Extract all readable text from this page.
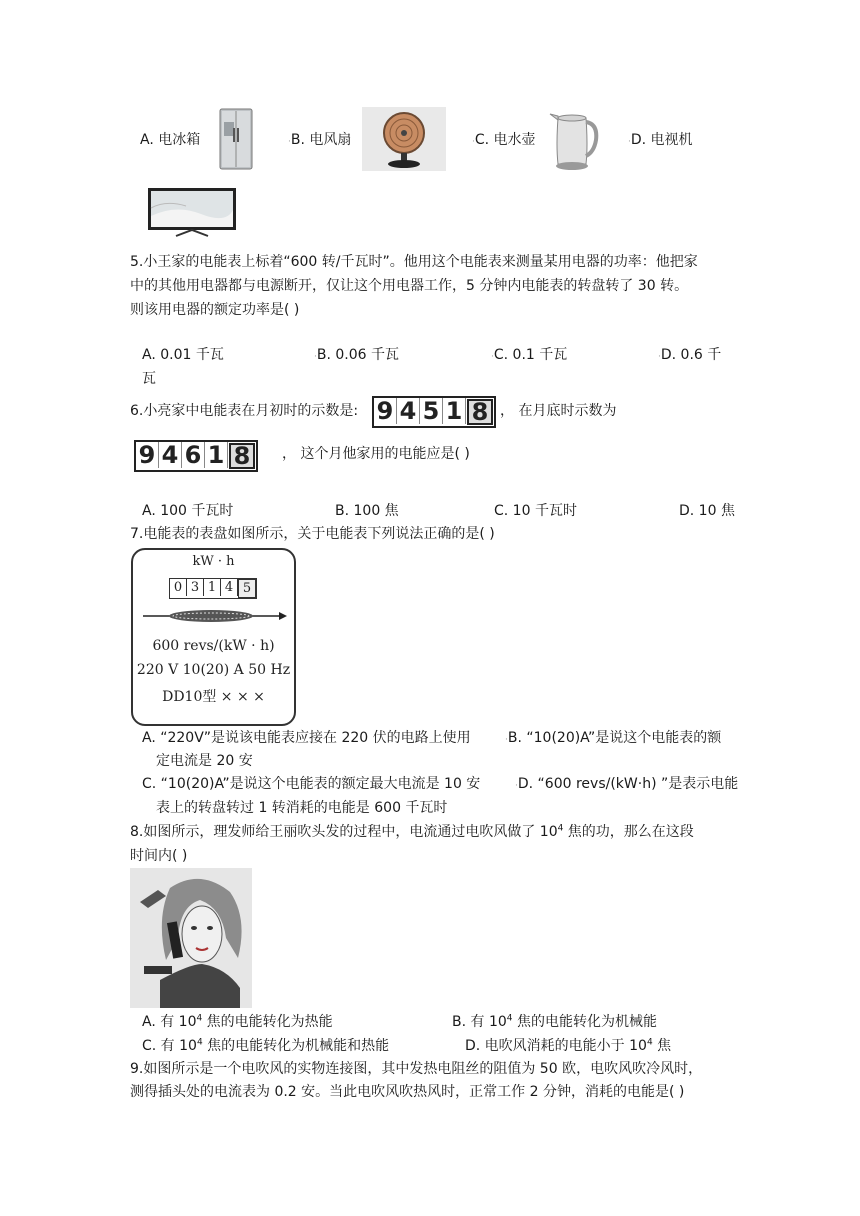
A. 电冰箱	·B. 电风扇	·C. 电水壶	·D. 电视机
5.小王家的电能表上标着“600 转/千瓦时”。他用这个电能表来测量某用电器的功率：他把家
中的其他用电器都与电源断开，仅让这个用电器工作，5 分钟内电能表的转盘转了 30 转。
则该用电器的额定功率是( )
A. 0.01 千瓦	·B. 0.06 千瓦	·C. 0.1 千瓦	·D. 0.6 千
瓦
6.小亮家中电能表在月初时的示数是: 9 4 5 1 8 ， 在月底时示数为
9 4 6 1 8	， 这个月他家用的电能应是( )
A. 100 千瓦时	B. 100 焦	C. 10 千瓦时	D. 10 焦
7.电能表的表盘如图所示，关于电能表下列说法正确的是( )
kW · h
0 3 1 4 5
600 revs/(kW · h)
220 V 10(20) A 50 Hz
DD10型 × × ×
A. “220V”是说该电能表应接在 220 伏的电路上使用	·B. “10(20)A”是说这个电能表的额
定电流是 20 安
C. “10(20)A”是说这个电能表的额定最大电流是 10 安	·D. “600 revs/(kW·h) ”是表示电能
表上的转盘转过 1 转消耗的电能是 600 千瓦时
8.如图所示，理发师给王丽吹头发的过程中，电流通过电吹风做了 $10^4$ 焦的功，那么在这段
时间内( )
A. 有 $10^4$ 焦的电能转化为热能	B. 有 $10^4$ 焦的电能转化为机械能
C. 有 $10^4$ 焦的电能转化为机械能和热能	D. 电吹风消耗的电能小于 $10^4$ 焦
9.如图所示是一个电吹风的实物连接图，其中发热电阻丝的阻值为 50 欧，电吹风吹冷风时，
测得插头处的电流表为 0.2 安。当此电吹风吹热风时，正常工作 2 分钟，消耗的电能是( )
